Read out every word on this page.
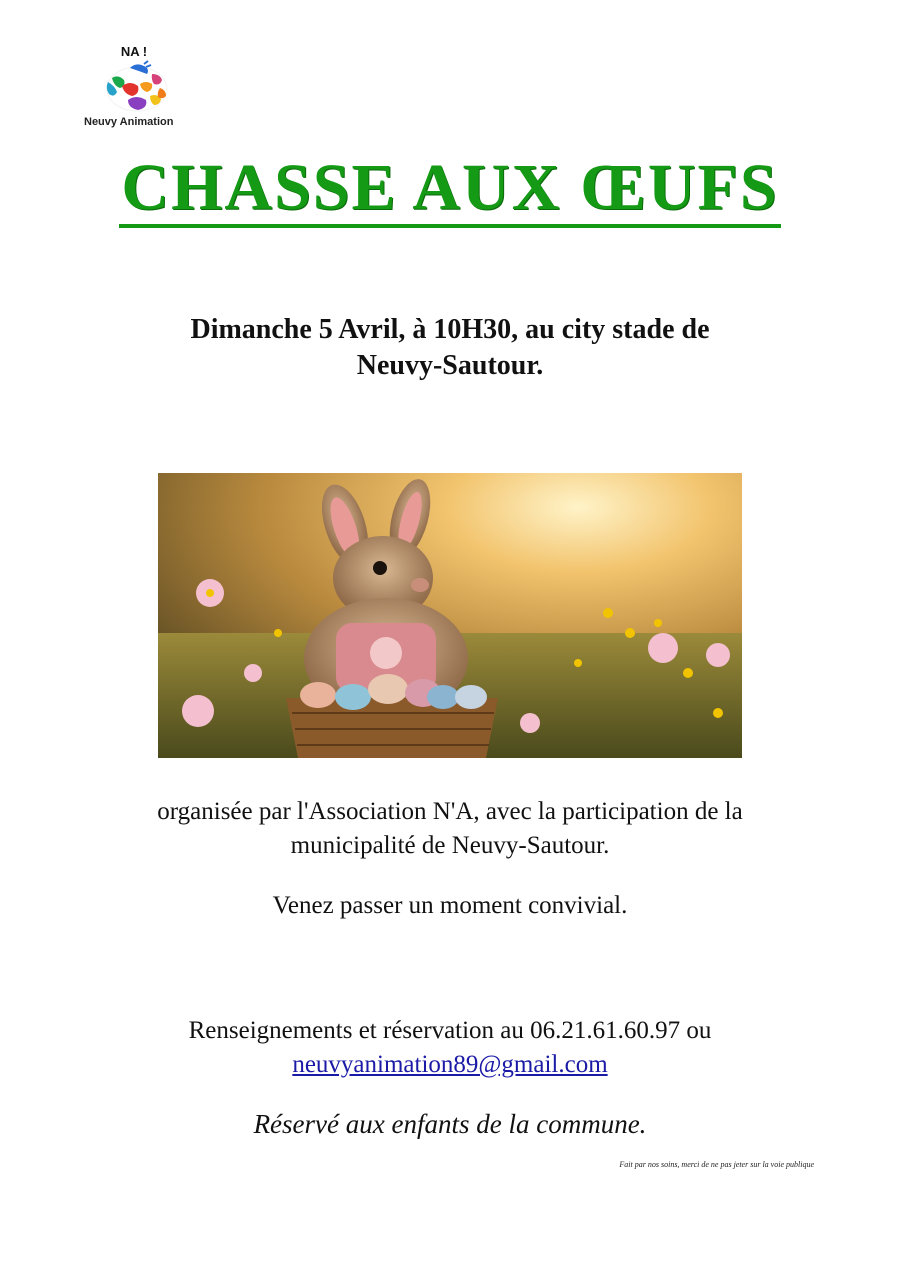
NA !
Neuvy Animation
CHASSE AUX ŒUFS
Dimanche 5 Avril, à 10H30, au city stade de
Neuvy-Sautour.
organisée par l'Association N'A, avec la participation de la
municipalité de Neuvy-Sautour.
Venez passer un moment convivial.
Renseignements et réservation au 06.21.61.60.97 ou
neuvyanimation89@gmail.com
Réservé aux enfants de la commune.
Fait par nos soins, merci de ne pas jeter sur la voie publique
